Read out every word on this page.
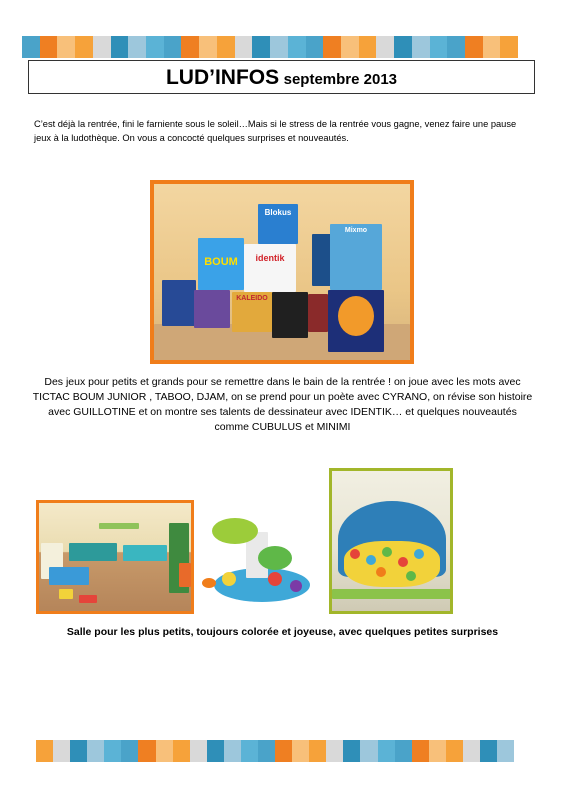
LUD’INFOS septembre 2013
C’est déjà la rentrée, fini le farniente sous le soleil…Mais si le stress de la rentrée vous gagne, venez faire une pause jeux à la ludothèque. On vous a concocté quelques surprises et nouveautés.
Blokus
BOUM	identik
Mixmo
KALEIDO
Des jeux pour petits et grands pour se remettre dans le bain de la rentrée ! on joue avec les mots avec TICTAC BOUM JUNIOR , TABOO, DJAM, on se prend pour un poète avec CYRANO, on révise son histoire avec GUILLOTINE et on montre ses talents de dessinateur avec IDENTIK… et quelques nouveautés comme CUBULUS et MINIMI
Salle pour les plus petits, toujours colorée et joyeuse, avec quelques petites surprises
